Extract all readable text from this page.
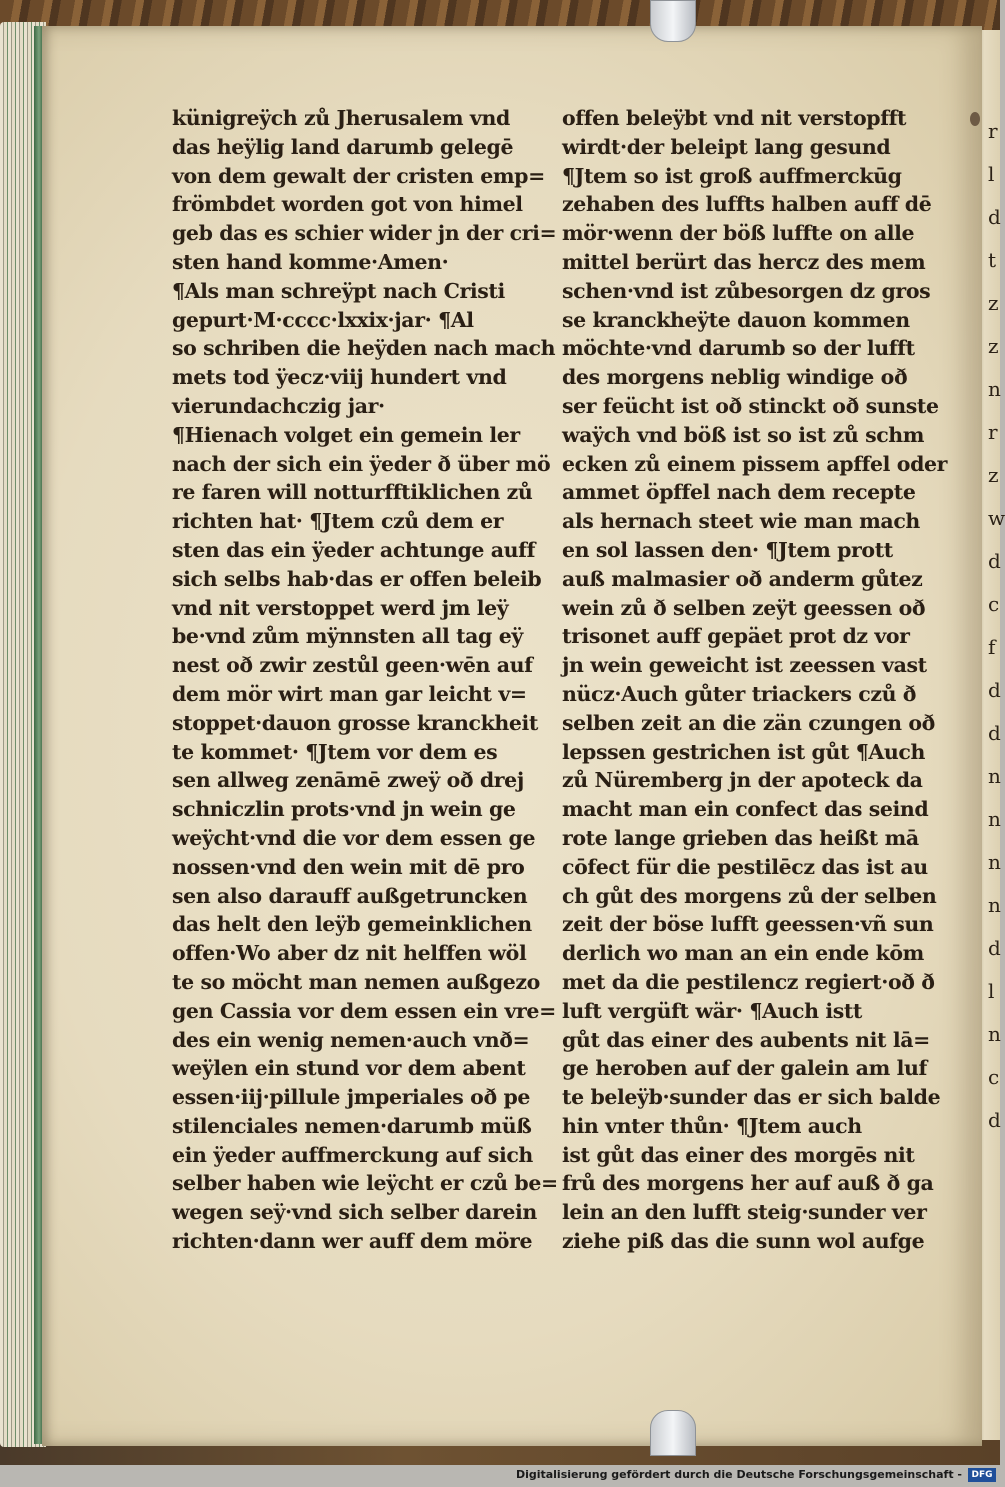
r
l
d
t
z
z
n
r
z
w
d
c
f
d
d
n
n
n
n
d
l
n
c
d
künigreÿch zů Jherusalem vnd
das heÿlig land darumb gelegē
von dem gewalt der cristen emp=
frömbdet worden got von himel
geb das es schier wider jn der cri=
sten hand komme·Amen·
¶Als man schreÿpt nach Cristi
gepurt·M·cccc·lxxix·jar· ¶Al
so schriben die heÿden nach mach
mets tod ÿecz·viij hundert vnd
vierundachczig jar·
¶Hienach volget ein gemein ler
nach der sich ein ÿeder ð über mö
re faren will notturfftiklichen zů
richten hat· ¶Jtem czů dem er
sten das ein ÿeder achtunge auff
sich selbs hab·das er offen beleib
vnd nit verstoppet werd jm leÿ
be·vnd zům mÿnnsten all tag eÿ
nest oð zwir zestůl geen·wēn auf
dem mör wirt man gar leicht v=
stoppet·dauon grosse kranckheit
te kommet· ¶Jtem vor dem es
sen allweg zenāmē zweÿ oð drej
schniczlin prots·vnd jn wein ge
weÿcht·vnd die vor dem essen ge
nossen·vnd den wein mit dē pro
sen also darauff außgetruncken
das helt den leÿb gemeinklichen
offen·Wo aber dz nit helffen wöl
te so möcht man nemen außgezo
gen Cassia vor dem essen ein vre=
des ein wenig nemen·auch vnð=
weÿlen ein stund vor dem abent
essen·iij·pillule jmperiales oð pe
stilenciales nemen·darumb müß
ein ÿeder auffmerckung auf sich
selber haben wie leÿcht er czů be=
wegen seÿ·vnd sich selber darein
richten·dann wer auff dem möre
offen beleÿbt vnd nit verstopfft
wirdt·der beleipt lang gesund
¶Jtem so ist groß auffmerckūg
zehaben des luffts halben auff dē
mör·wenn der böß luffte on alle
mittel berürt das hercz des mem
schen·vnd ist zůbesorgen dz gros
se kranckheÿte dauon kommen
möchte·vnd darumb so der lufft
des morgens neblig windige oð
ser feücht ist oð stinckt oð sunste
waÿch vnd böß ist so ist zů schm
ecken zů einem pissem apffel oder
ammet öpffel nach dem recepte
als hernach steet wie man mach
en sol lassen den· ¶Jtem prott
auß malmasier oð anderm gůtez
wein zů ð selben zeÿt geessen oð
trisonet auff gepäet prot dz vor
jn wein geweicht ist zeessen vast
nücz·Auch gůter triackers czů ð
selben zeit an die zän czungen oð
lepssen gestrichen ist gůt ¶Auch
zů Nüremberg jn der apoteck da
macht man ein confect das seind
rote lange grieben das heißt mā
cōfect für die pestilēcz das ist au
ch gůt des morgens zů der selben
zeit der böse lufft geessen·vñ sun
derlich wo man an ein ende kōm
met da die pestilencz regiert·oð ð
luft vergüft wär· ¶Auch istt
gůt das einer des aubents nit lā=
ge heroben auf der galein am luf
te beleÿb·sunder das er sich balde
hin vnter thůn· ¶Jtem auch
ist gůt das einer des morgēs nit
frů des morgens her auf auß ð ga
lein an den lufft steig·sunder ver
ziehe piß das die sunn wol aufge
Digitalisierung gefördert durch die Deutsche Forschungsgemeinschaft -	DFG
